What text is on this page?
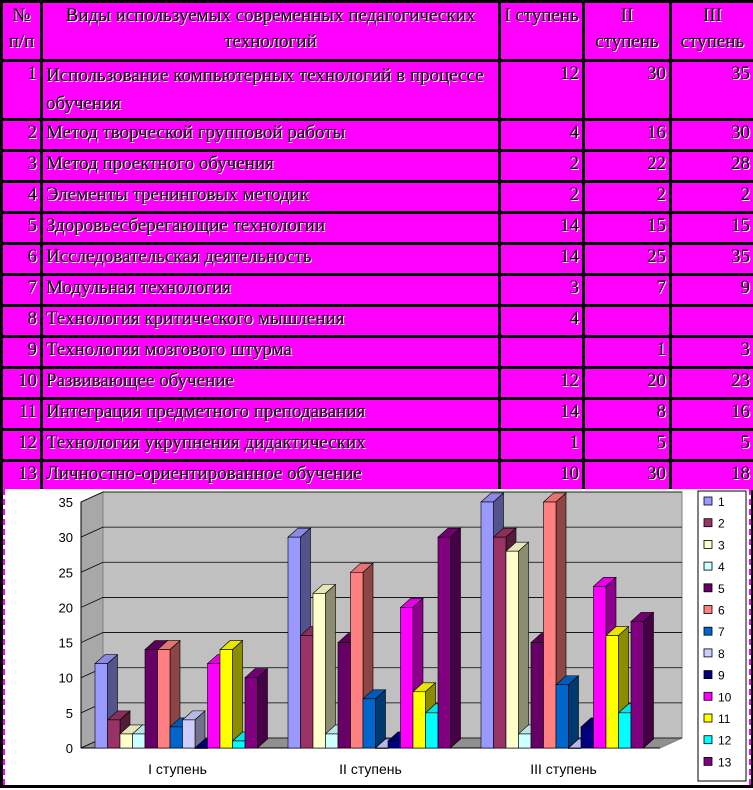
№ п/п	Виды используемых современных педагогических технологий	I ступень	II ступень	III ступень
1	Использование компьютерных технологий в процессе обучения	12	30	35
2	Метод творческой групповой работы	4	16	30
3	Метод проектного обучения	2	22	28
4	Элементы тренинговых методик	2	2	2
5	Здоровьесберегающие технологии	14	15	15
6	Исследовательская деятельность	14	25	35
7	Модульная технология	3	7	9
8	Технология критического мышления	4		
9	Технология мозгового штурма		1	3
10	Развивающее обучение	12	20	23
11	Интеграция предметного преподавания	14	8	16
12	Технология укрупнения дидактических	1	5	5
13	Личностно-ориентированное обучение	10	30	18
0
5
10
15
20
25
30
35
I ступень	II ступень	III ступень
1
2
3
4
5
6
7
8
9
10
11
12
13
